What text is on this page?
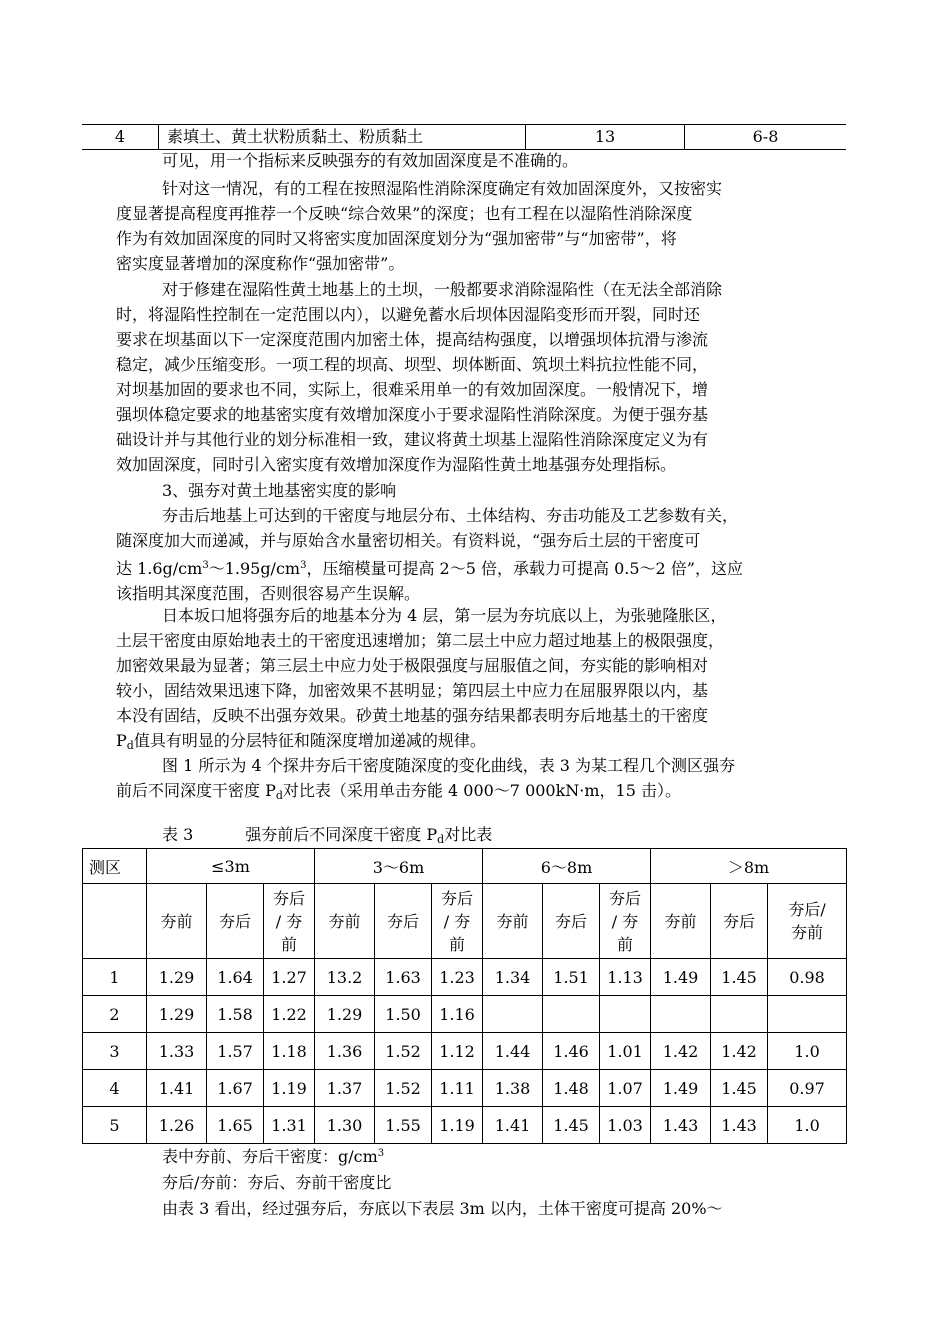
4	素填土、黄土状粉质黏土、粉质黏土	13	6-8

可见，用一个指标来反映强夯的有效加固深度是不准确的。

针对这一情况，有的工程在按照湿陷性消除深度确定有效加固深度外，又按密实
度显著提高程度再推荐一个反映“综合效果”的深度；也有工程在以湿陷性消除深度
作为有效加固深度的同时又将密实度加固深度划分为“强加密带”与“加密带”，将
密实度显著增加的深度称作“强加密带”。

对于修建在湿陷性黄土地基上的土坝，一般都要求消除湿陷性（在无法全部消除
时，将湿陷性控制在一定范围以内），以避免蓄水后坝体因湿陷变形而开裂，同时还
要求在坝基面以下一定深度范围内加密土体，提高结构强度，以增强坝体抗滑与渗流
稳定，减少压缩变形。一项工程的坝高、坝型、坝体断面、筑坝土料抗拉性能不同，
对坝基加固的要求也不同，实际上，很难采用单一的有效加固深度。一般情况下，增
强坝体稳定要求的地基密实度有效增加深度小于要求湿陷性消除深度。为便于强夯基
础设计并与其他行业的划分标准相一致，建议将黄土坝基上湿陷性消除深度定义为有
效加固深度，同时引入密实度有效增加深度作为湿陷性黄土地基强夯处理指标。

3、强夯对黄土地基密实度的影响

夯击后地基上可达到的干密度与地层分布、土体结构、夯击功能及工艺参数有关，
随深度加大而递减，并与原始含水量密切相关。有资料说，“强夯后土层的干密度可
达 $1.6g/cm^3\sim 1.95g/cm^3$，压缩模量可提高 2～5 倍，承载力可提高 0.5～2 倍”，这应
该指明其深度范围，否则很容易产生误解。

日本坂口旭将强夯后的地基本分为 4 层，第一层为夯坑底以上，为张驰隆胀区，
土层干密度由原始地表土的干密度迅速增加；第二层土中应力超过地基上的极限强度，
加密效果最为显著；第三层土中应力处于极限强度与屈服值之间，夯实能的影响相对
较小，固结效果迅速下降，加密效果不甚明显；第四层土中应力在屈服界限以内，基
本没有固结，反映不出强夯效果。砂黄土地基的强夯结果都表明夯后地基土的干密度
$P_d$值具有明显的分层特征和随深度增加递减的规律。

图 1 所示为 4 个探井夯后干密度随深度的变化曲线，表 3 为某工程几个测区强夯
前后不同深度干密度 $P_d$对比表（采用单击夯能 4 000～7 000kN·m，15 击）。

表 3	强夯前后不同深度干密度 $P_d$对比表
测区	≤3m			3～6m			6～8m			＞8m		
	夯前	夯后	夯后
/ 夯
前	夯前	夯后	夯后
/ 夯
前	夯前	夯后	夯后
/ 夯
前	夯前	夯后	夯后/
夯前

1	1.29	1.64	1.27	13.2	1.63	1.23	1.34	1.51	1.13	1.49	1.45	0.98
2	1.29	1.58	1.22	1.29	1.50	1.16						
3	1.33	1.57	1.18	1.36	1.52	1.12	1.44	1.46	1.01	1.42	1.42	1.0
4	1.41	1.67	1.19	1.37	1.52	1.11	1.38	1.48	1.07	1.49	1.45	0.97
5	1.26	1.65	1.31	1.30	1.55	1.19	1.41	1.45	1.03	1.43	1.43	1.0
表中夯前、夯后干密度：$g/cm^3$
夯后/夯前：夯后、夯前干密度比
由表 3 看出，经过强夯后，夯底以下表层 3m 以内，土体干密度可提高 20%～
